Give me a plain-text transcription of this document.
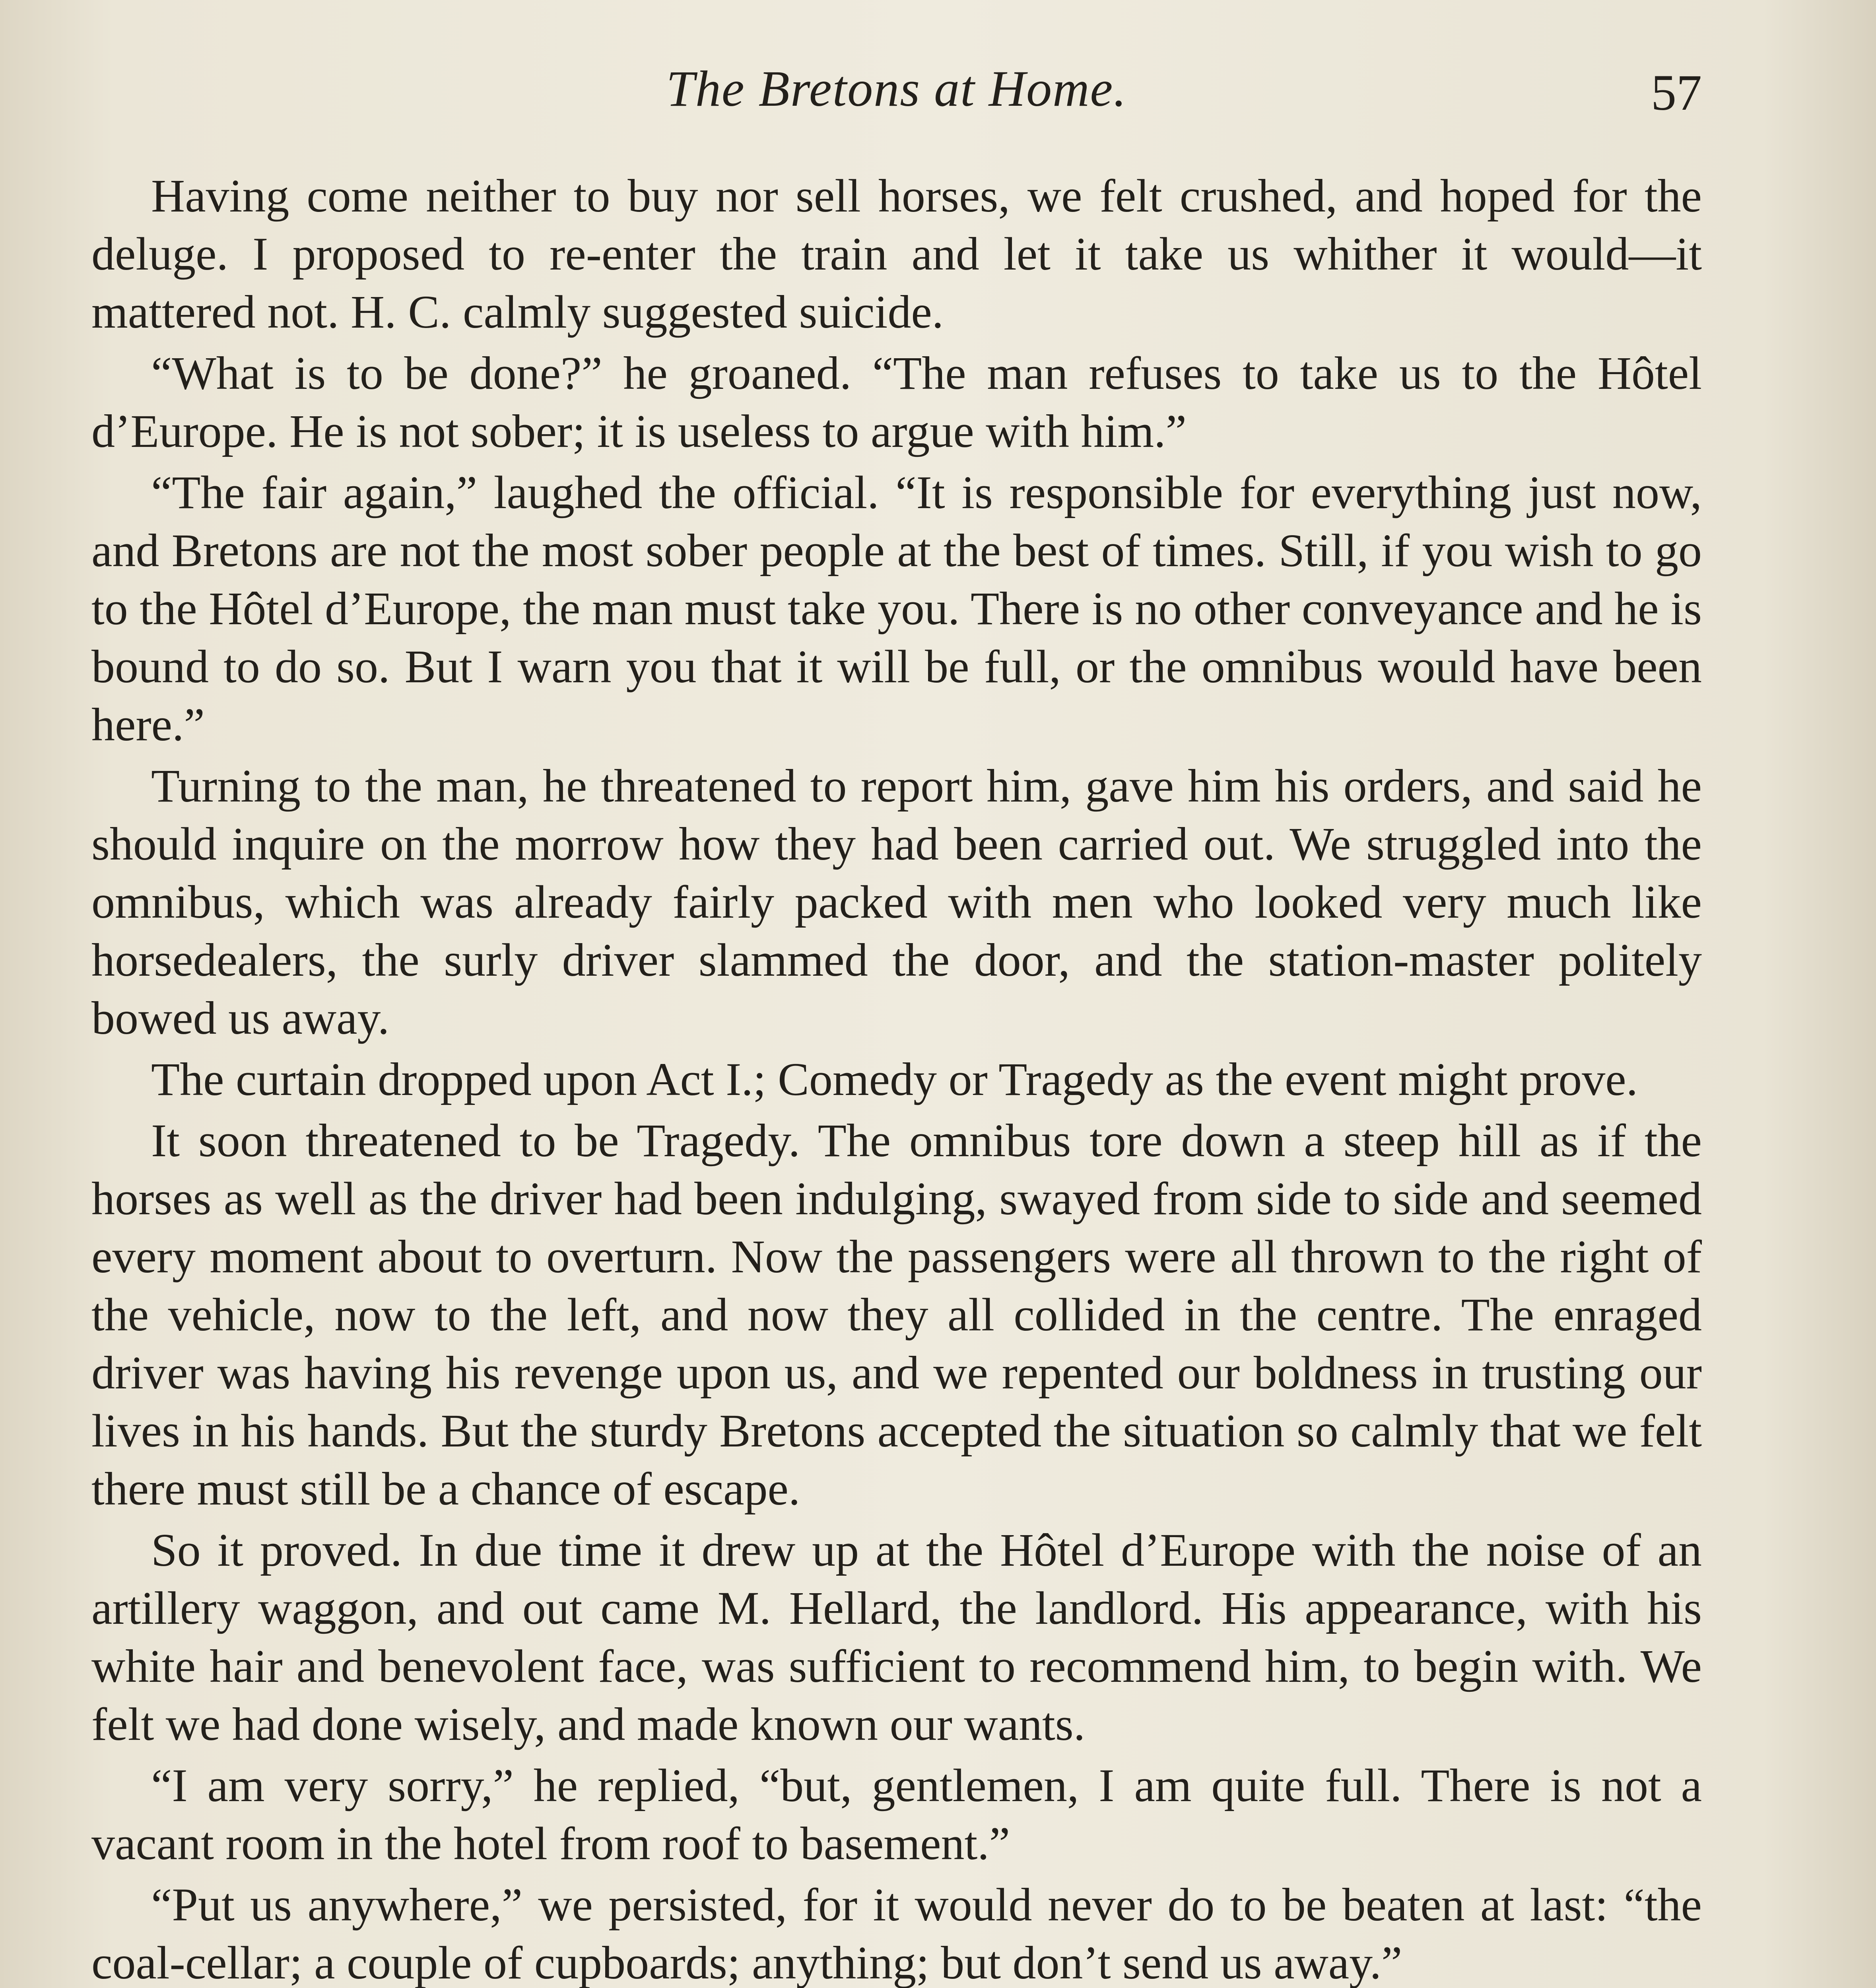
The Bretons at Home.	57

Having come neither to buy nor sell horses, we felt crushed, and hoped for the deluge. I proposed to re-enter the train and let it take us whither it would—it mattered not. H. C. calmly suggested suicide.

“What is to be done?” he groaned. “The man refuses to take us to the Hôtel d’Europe. He is not sober; it is useless to argue with him.”

“The fair again,” laughed the official. “It is responsible for everything just now, and Bretons are not the most sober people at the best of times. Still, if you wish to go to the Hôtel d’Europe, the man must take you. There is no other conveyance and he is bound to do so. But I warn you that it will be full, or the omnibus would have been here.”

Turning to the man, he threatened to report him, gave him his orders, and said he should inquire on the morrow how they had been carried out. We struggled into the omnibus, which was already fairly packed with men who looked very much like horsedealers, the surly driver slammed the door, and the station-master politely bowed us away.

The curtain dropped upon Act I.; Comedy or Tragedy as the event might prove.

It soon threatened to be Tragedy. The omnibus tore down a steep hill as if the horses as well as the driver had been indulging, swayed from side to side and seemed every moment about to overturn. Now the passengers were all thrown to the right of the vehicle, now to the left, and now they all collided in the centre. The enraged driver was having his revenge upon us, and we repented our boldness in trusting our lives in his hands. But the sturdy Bretons accepted the situation so calmly that we felt there must still be a chance of escape.

So it proved. In due time it drew up at the Hôtel d’Europe with the noise of an artillery waggon, and out came M. Hellard, the landlord. His appearance, with his white hair and benevolent face, was sufficient to recommend him, to begin with. We felt we had done wisely, and made known our wants.

“I am very sorry,” he replied, “but, gentlemen, I am quite full. There is not a vacant room in the hotel from roof to basement.”

“Put us anywhere,” we persisted, for it would never do to be beaten at last: “the coal-cellar; a couple of cupboards; anything; but don’t send us away.”
